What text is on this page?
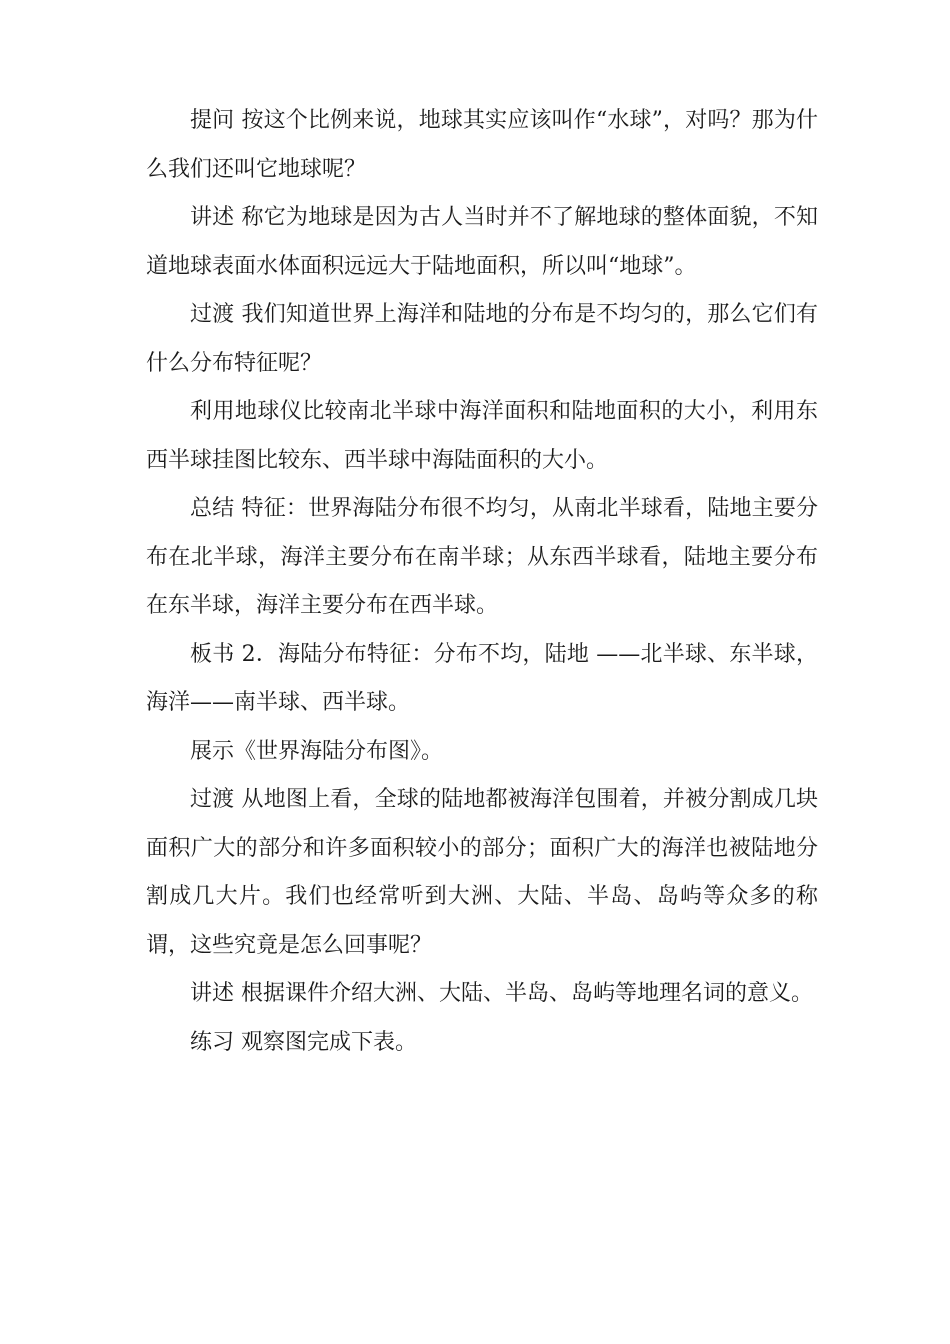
提问 按这个比例来说，地球其实应该叫作“水球”，对吗？那为什么我们还叫它地球呢？

讲述 称它为地球是因为古人当时并不了解地球的整体面貌，不知道地球表面水体面积远远大于陆地面积，所以叫“地球”。

过渡 我们知道世界上海洋和陆地的分布是不均匀的，那么它们有什么分布特征呢？

利用地球仪比较南北半球中海洋面积和陆地面积的大小，利用东西半球挂图比较东、西半球中海陆面积的大小。

总结 特征：世界海陆分布很不均匀，从南北半球看，陆地主要分布在北半球，海洋主要分布在南半球；从东西半球看，陆地主要分布在东半球，海洋主要分布在西半球。

板书 2．海陆分布特征：分布不均，陆地 ——北半球、东半球，海洋——南半球、西半球。

展示《世界海陆分布图》。

过渡 从地图上看，全球的陆地都被海洋包围着，并被分割成几块面积广大的部分和许多面积较小的部分；面积广大的海洋也被陆地分割成几大片。我们也经常听到大洲、大陆、半岛、岛屿等众多的称谓，这些究竟是怎么回事呢？

讲述 根据课件介绍大洲、大陆、半岛、岛屿等地理名词的意义。

练习 观察图完成下表。
